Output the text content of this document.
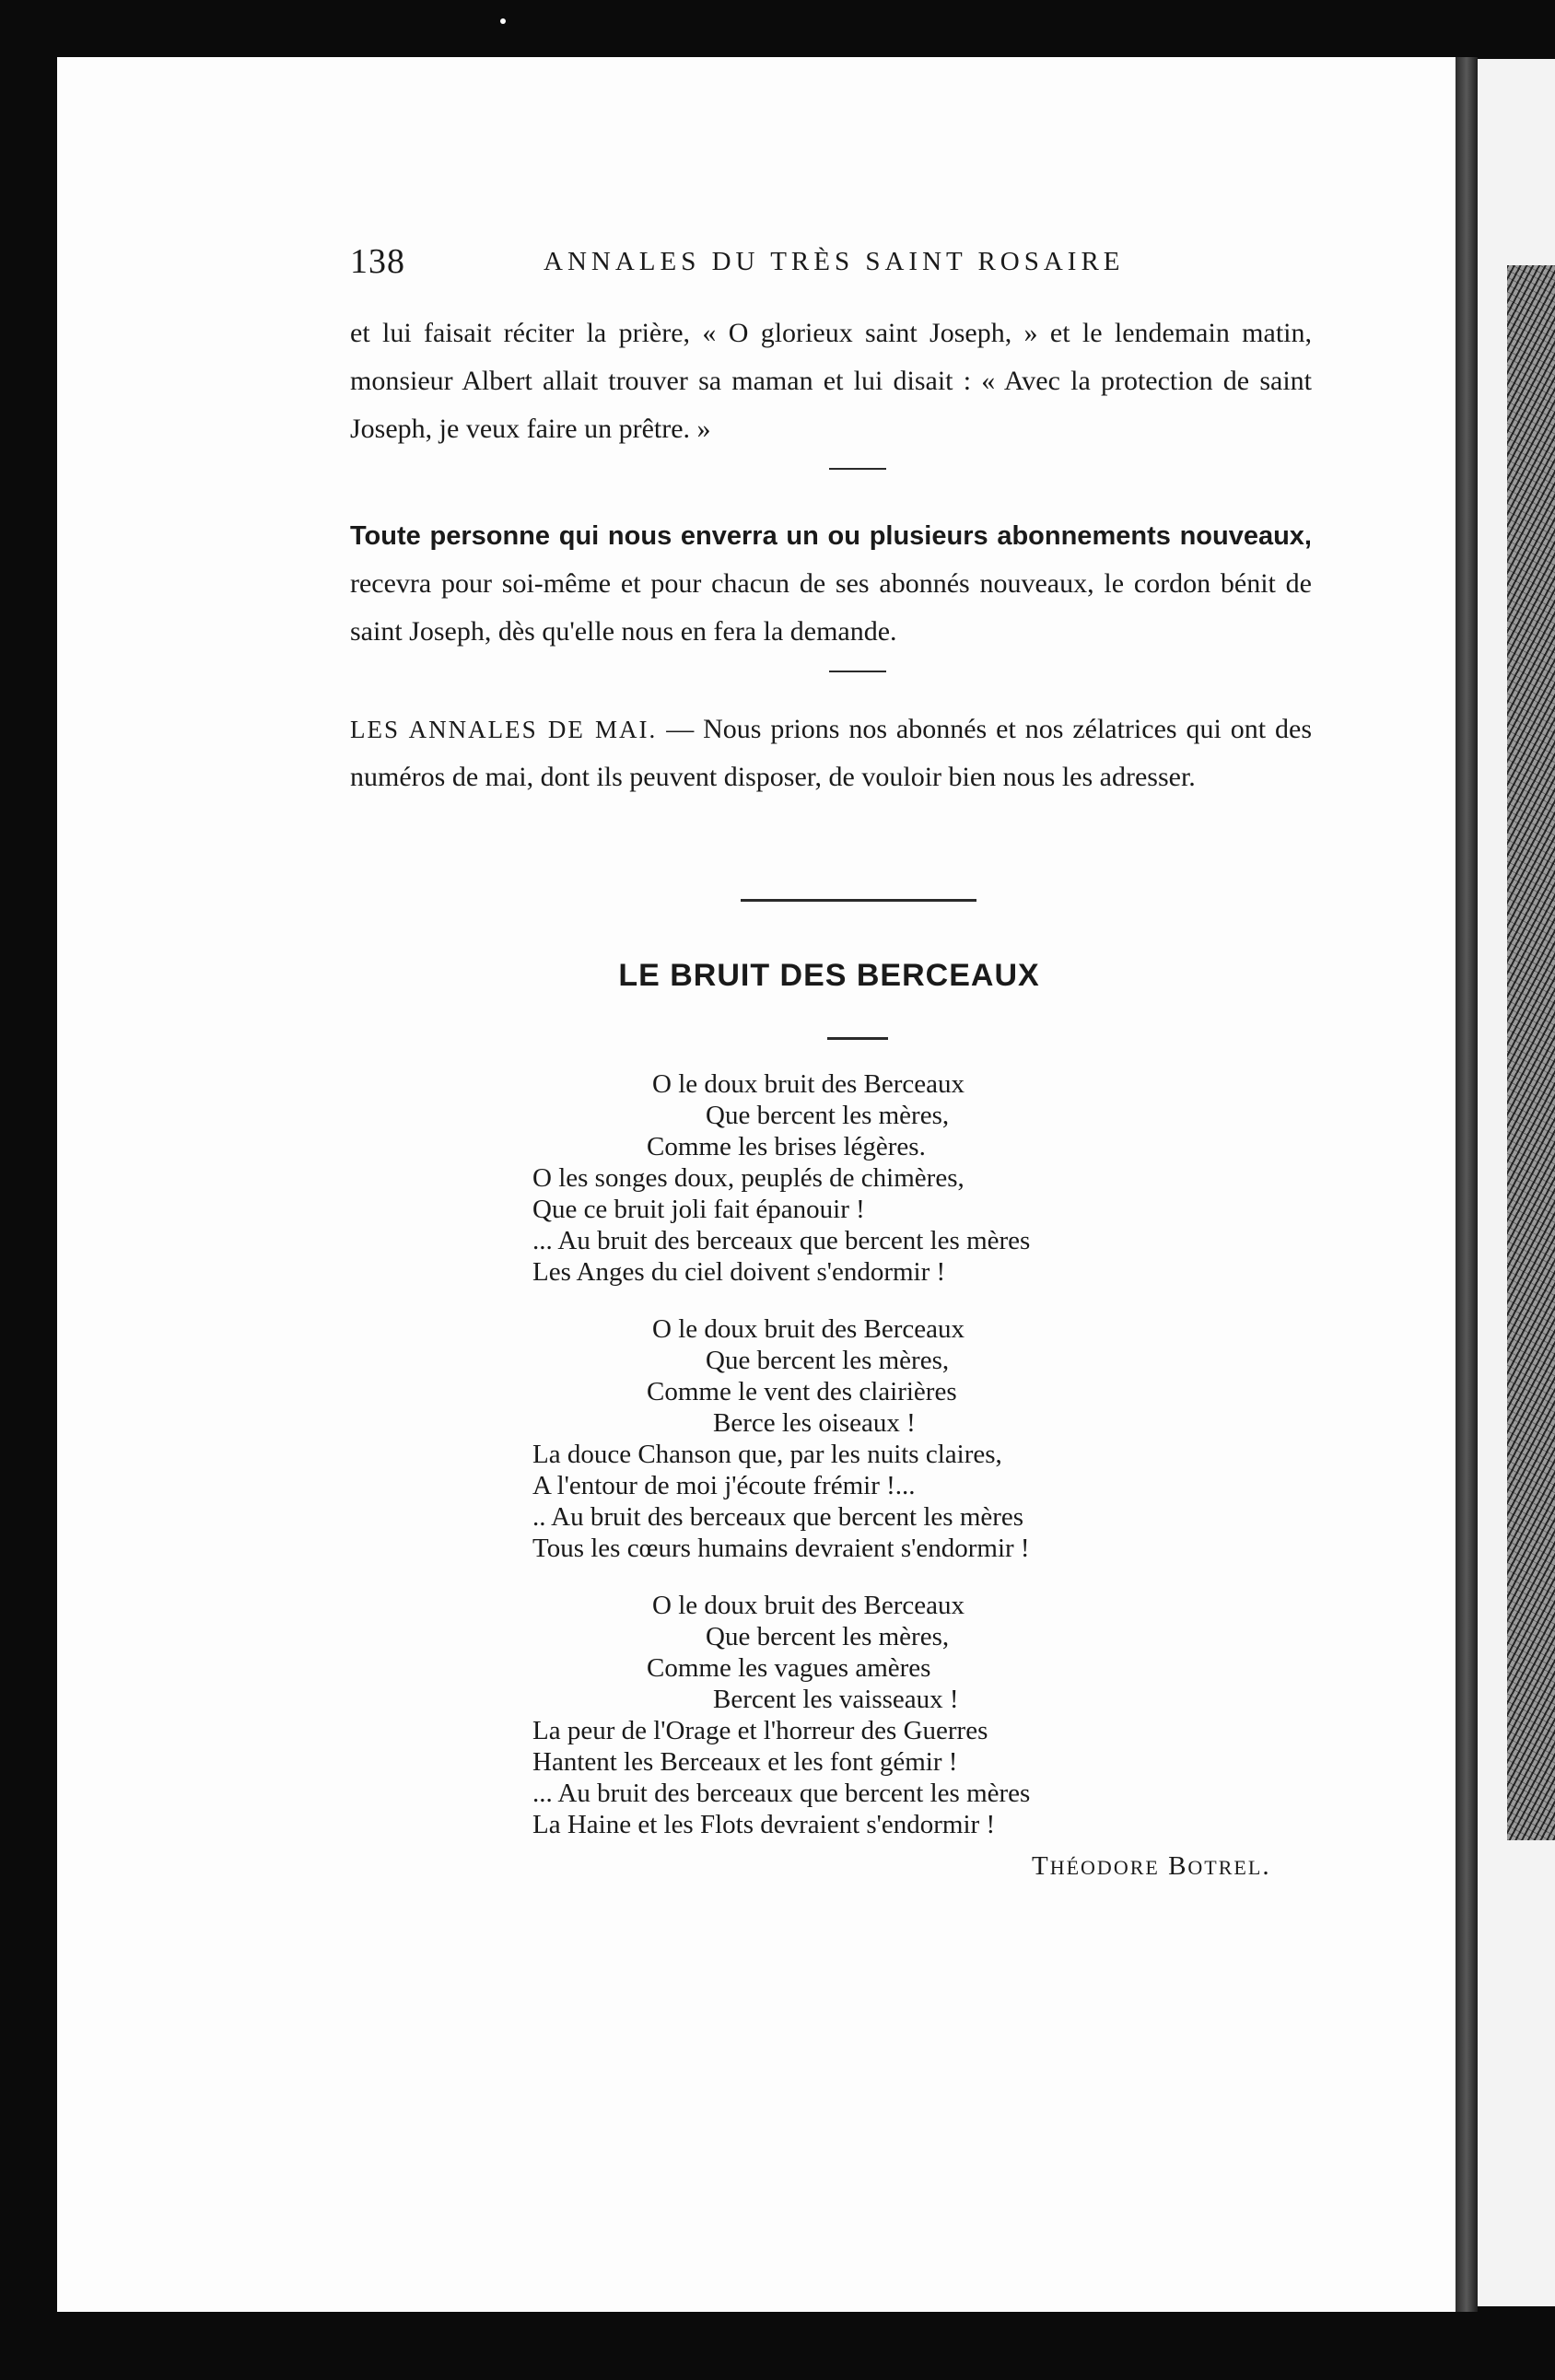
138	ANNALES DU TRÈS SAINT ROSAIRE

et lui faisait réciter la prière, « O glorieux saint Joseph, » et le lendemain matin, monsieur Albert allait trouver sa maman et lui disait : « Avec la protection de saint Joseph, je veux faire un prêtre. »

Toute personne qui nous enverra un ou plusieurs abonnements nouveaux, recevra pour soi-même et pour chacun de ses abonnés nouveaux, le cordon bénit de saint Joseph, dès qu'elle nous en fera la demande.

LES ANNALES DE MAI. — Nous prions nos abonnés et nos zélatrices qui ont des numéros de mai, dont ils peuvent disposer, de vouloir bien nous les adresser.

LE BRUIT DES BERCEAUX
O le doux bruit des Berceaux
Que bercent les mères,
Comme les brises légères.
O les songes doux, peuplés de chimères,
Que ce bruit joli fait épanouir !
... Au bruit des berceaux que bercent les mères
Les Anges du ciel doivent s'endormir !
O le doux bruit des Berceaux
Que bercent les mères,
Comme le vent des clairières
Berce les oiseaux !
La douce Chanson que, par les nuits claires,
A l'entour de moi j'écoute frémir !...
.. Au bruit des berceaux que bercent les mères
Tous les cœurs humains devraient s'endormir !
O le doux bruit des Berceaux
Que bercent les mères,
Comme les vagues amères
Bercent les vaisseaux !
La peur de l'Orage et l'horreur des Guerres
Hantent les Berceaux et les font gémir !
... Au bruit des berceaux que bercent les mères
La Haine et les Flots devraient s'endormir !
THÉODORE BOTREL.
